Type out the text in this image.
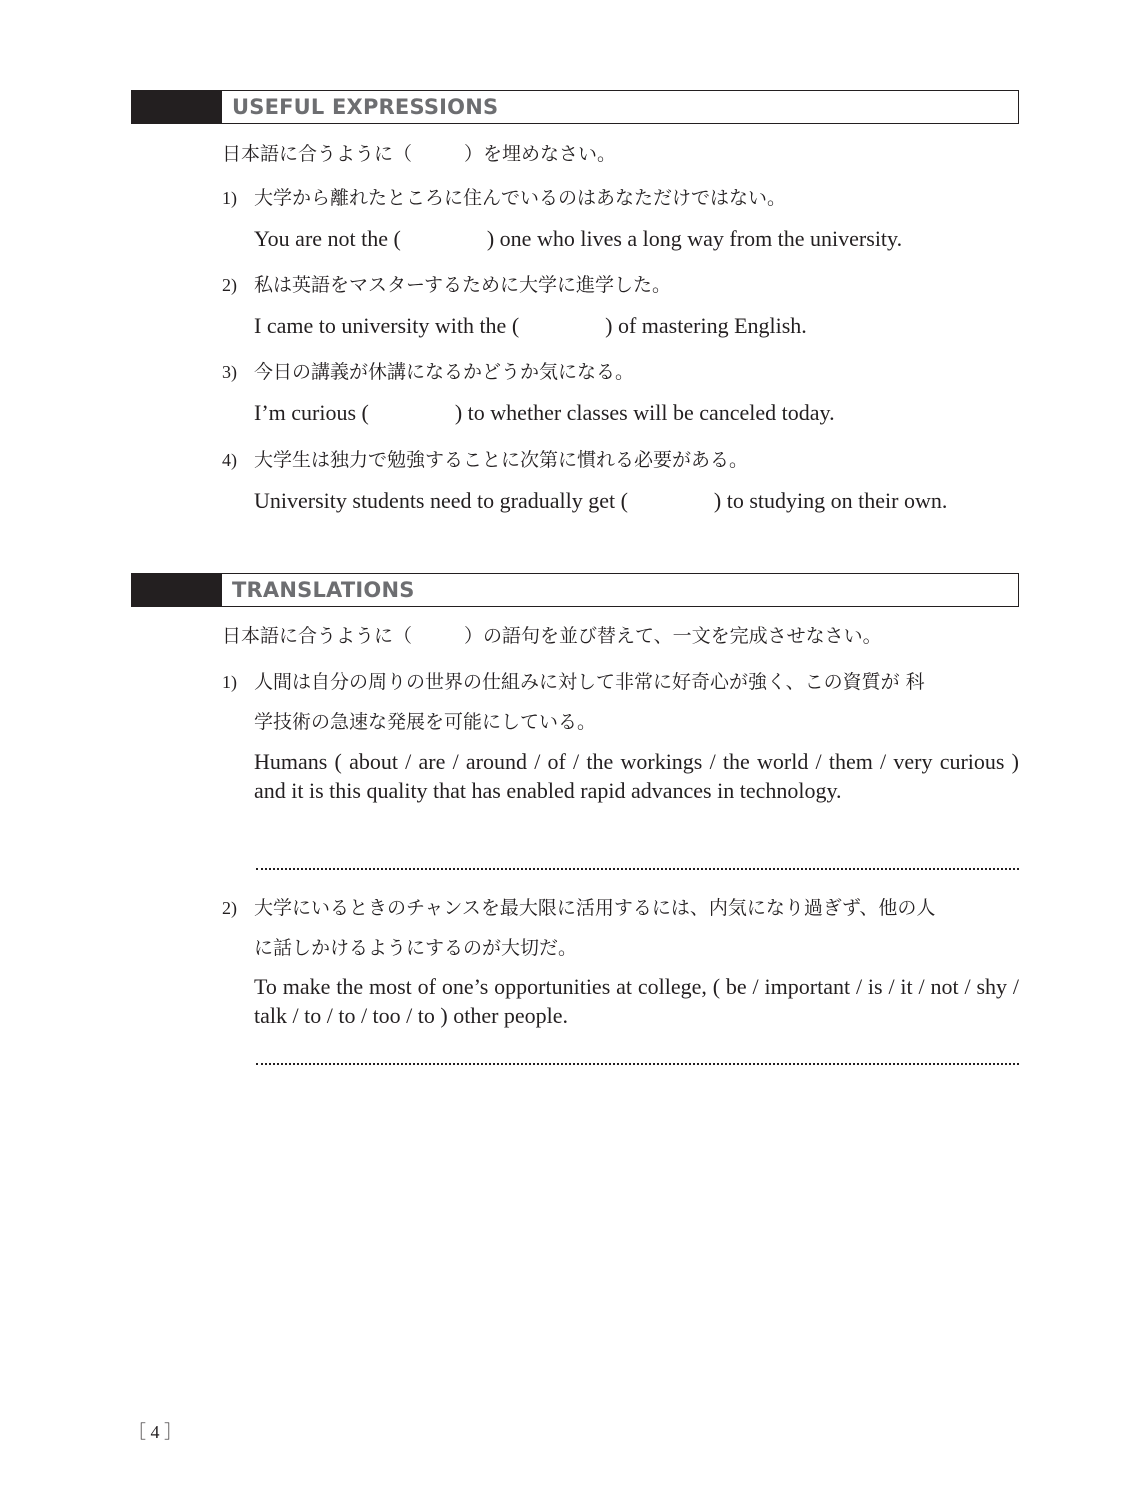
USEFUL EXPRESSIONS
日本語に合うように（	）を埋めなさい。
1) 大学から離れたところに住んでいるのはあなただけではない。
You are not the (	) one who lives a long way from the university.
2) 私は英語をマスターするために大学に進学した。
I came to university with the (	) of mastering English.
3) 今日の講義が休講になるかどうか気になる。
I’m curious (	) to whether classes will be canceled today.
4) 大学生は独力で勉強することに次第に慣れる必要がある。
University students need to gradually get (	) to studying on their own.
TRANSLATIONS
日本語に合うように（	）の語句を並び替えて、一文を完成させなさい。
1) 人間は自分の周りの世界の仕組みに対して非常に好奇心が強く、この資質が 科
学技術の急速な発展を可能にしている。
Humans ( about / are / around / of / the workings / the world / them / very curious ) and it is this quality that has enabled rapid advances in technology.
2) 大学にいるときのチャンスを最大限に活用するには、内気になり過ぎず、他の人
に話しかけるようにするのが大切だ。
To make the most of one’s opportunities at college, ( be / important / is / it / not / shy / talk / to / to / too / to ) other people.
［ 4 ］
